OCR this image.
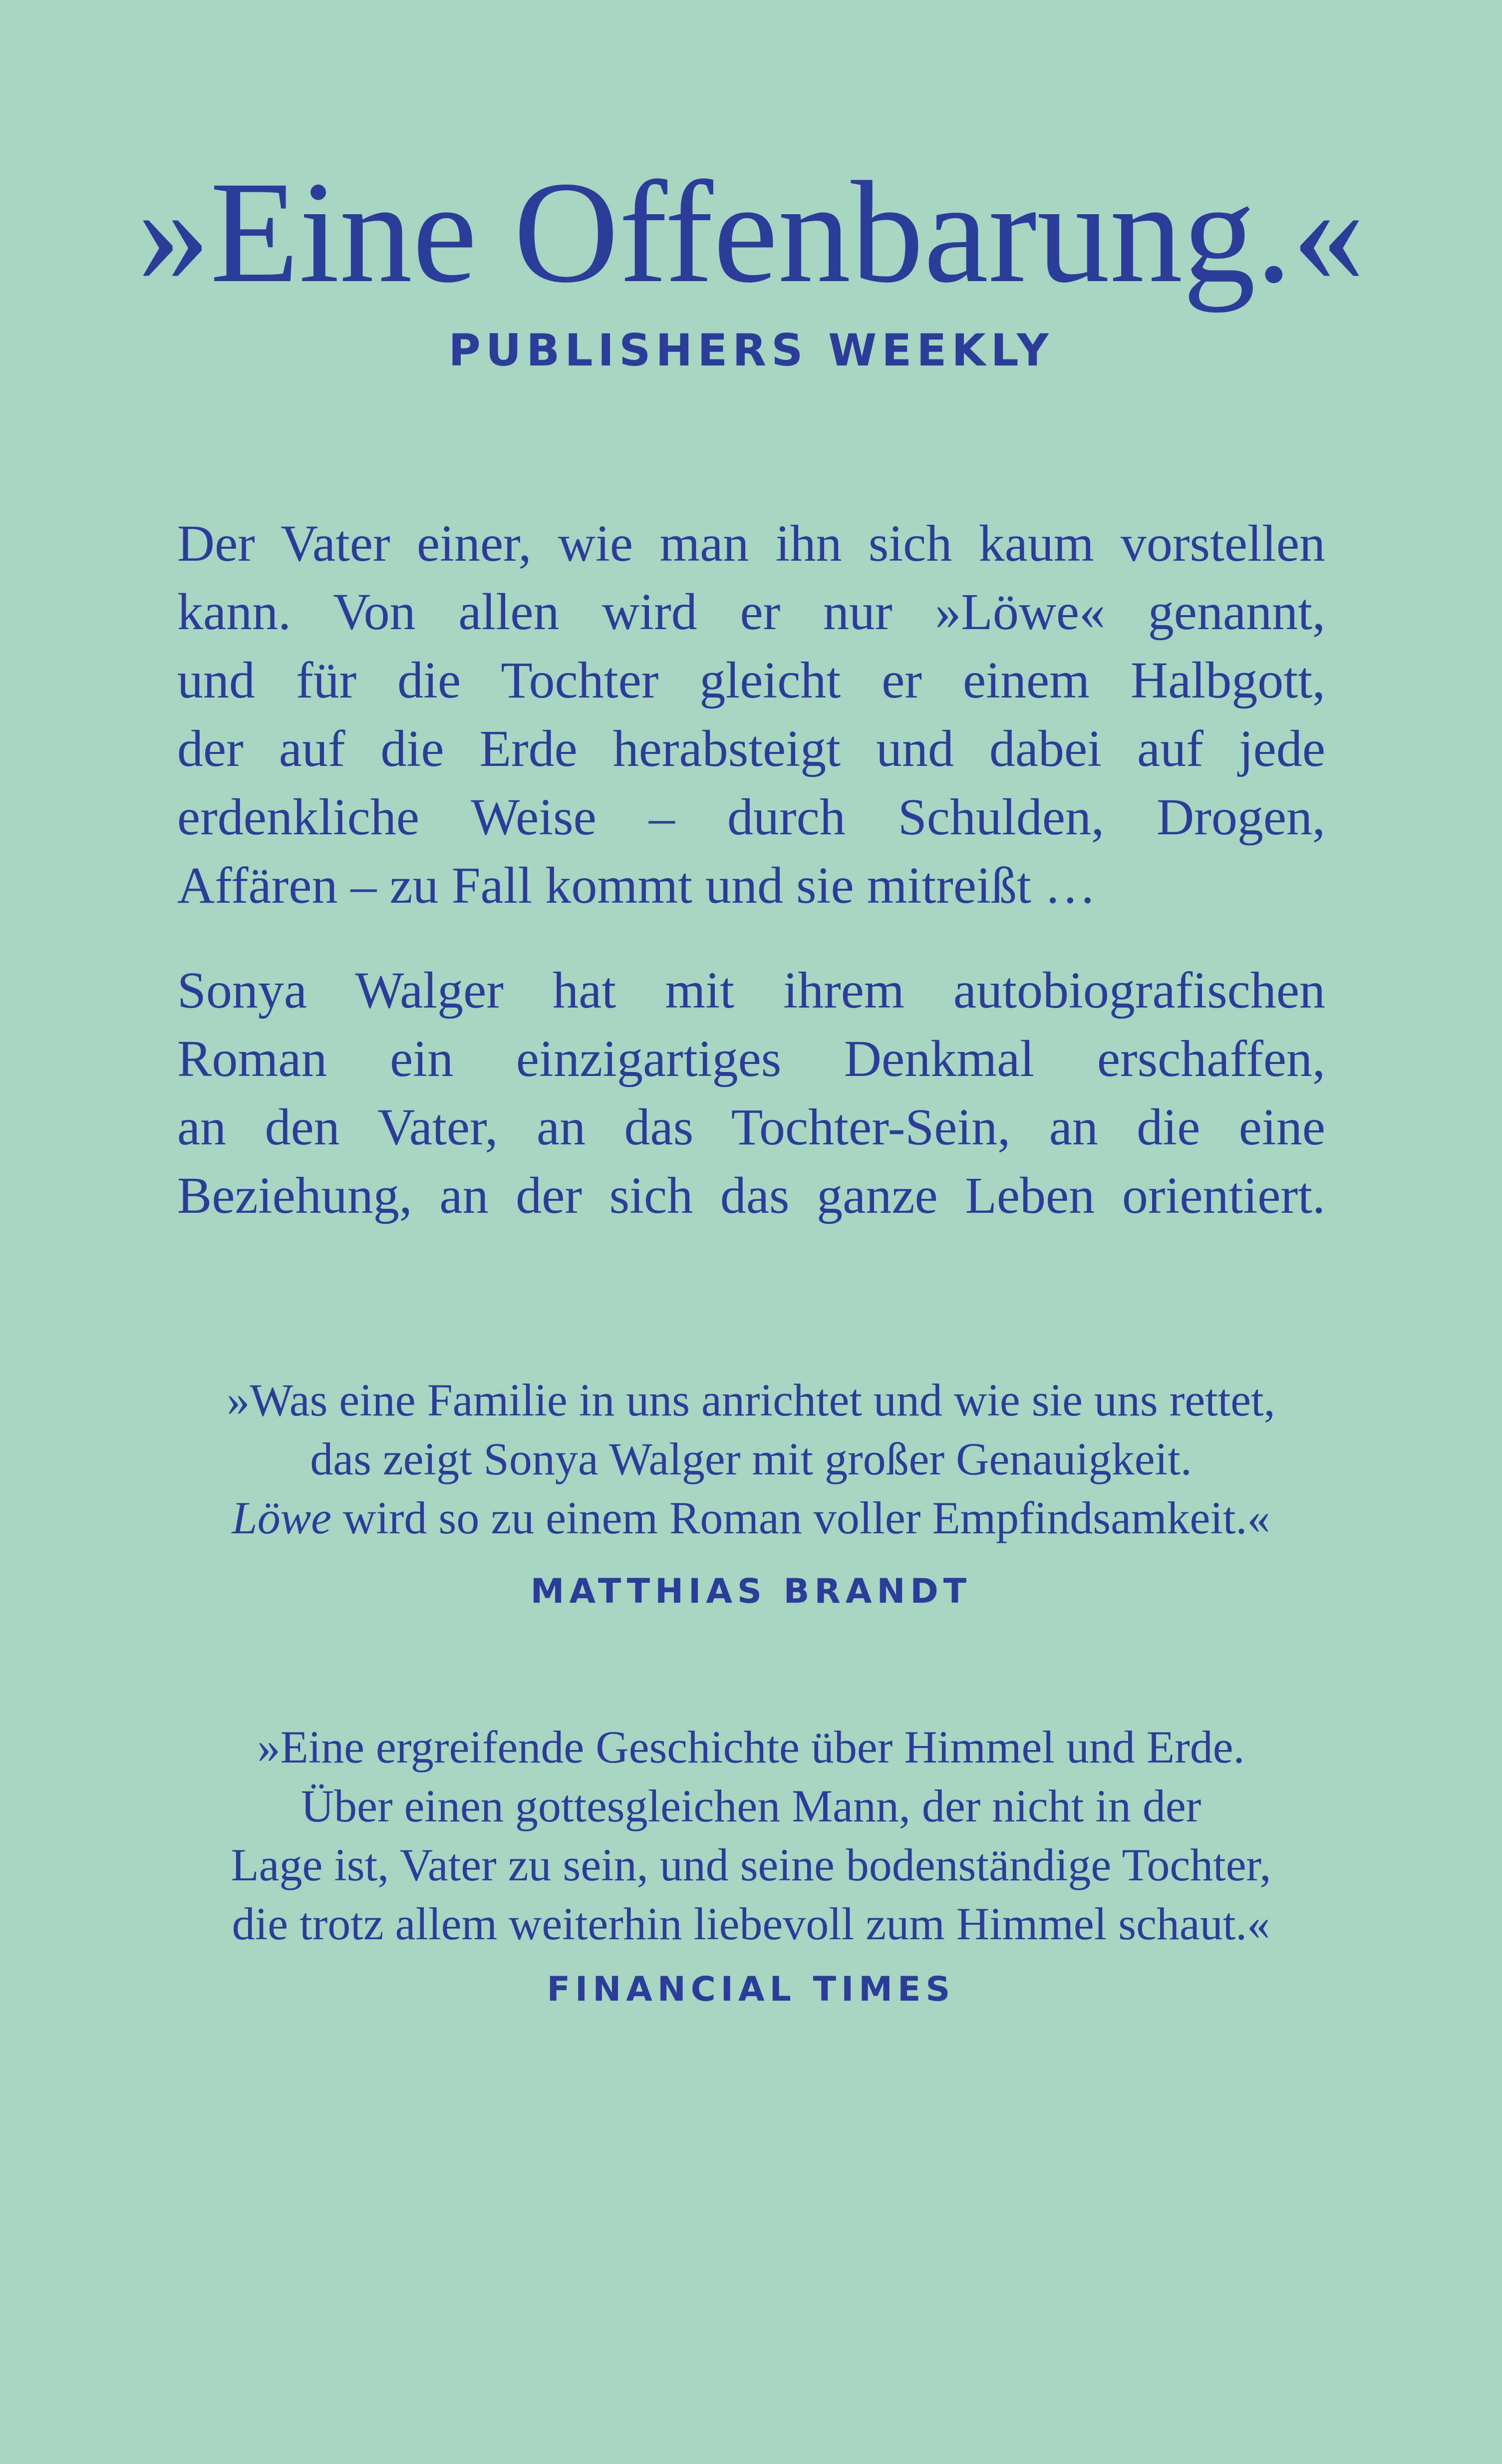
»Eine Offenbarung.«
PUBLISHERS WEEKLY
Der Vater einer, wie man ihn sich kaum vorstellen
kann. Von allen wird er nur »Löwe« genannt,
und für die Tochter gleicht er einem Halbgott,
der auf die Erde herabsteigt und dabei auf jede
erdenkliche Weise – durch Schulden, Drogen,
Affären – zu Fall kommt und sie mitreißt …
Sonya Walger hat mit ihrem autobiografischen
Roman ein einzigartiges Denkmal erschaffen,
an den Vater, an das Tochter-Sein, an die eine
Beziehung, an der sich das ganze Leben orientiert.
»Was eine Familie in uns anrichtet und wie sie uns rettet,
das zeigt Sonya Walger mit großer Genauigkeit.
Löwe wird so zu einem Roman voller Empfindsamkeit.«
MATTHIAS BRANDT
»Eine ergreifende Geschichte über Himmel und Erde.
Über einen gottesgleichen Mann, der nicht in der
Lage ist, Vater zu sein, und seine bodenständige Tochter,
die trotz allem weiterhin liebevoll zum Himmel schaut.«
FINANCIAL TIMES
